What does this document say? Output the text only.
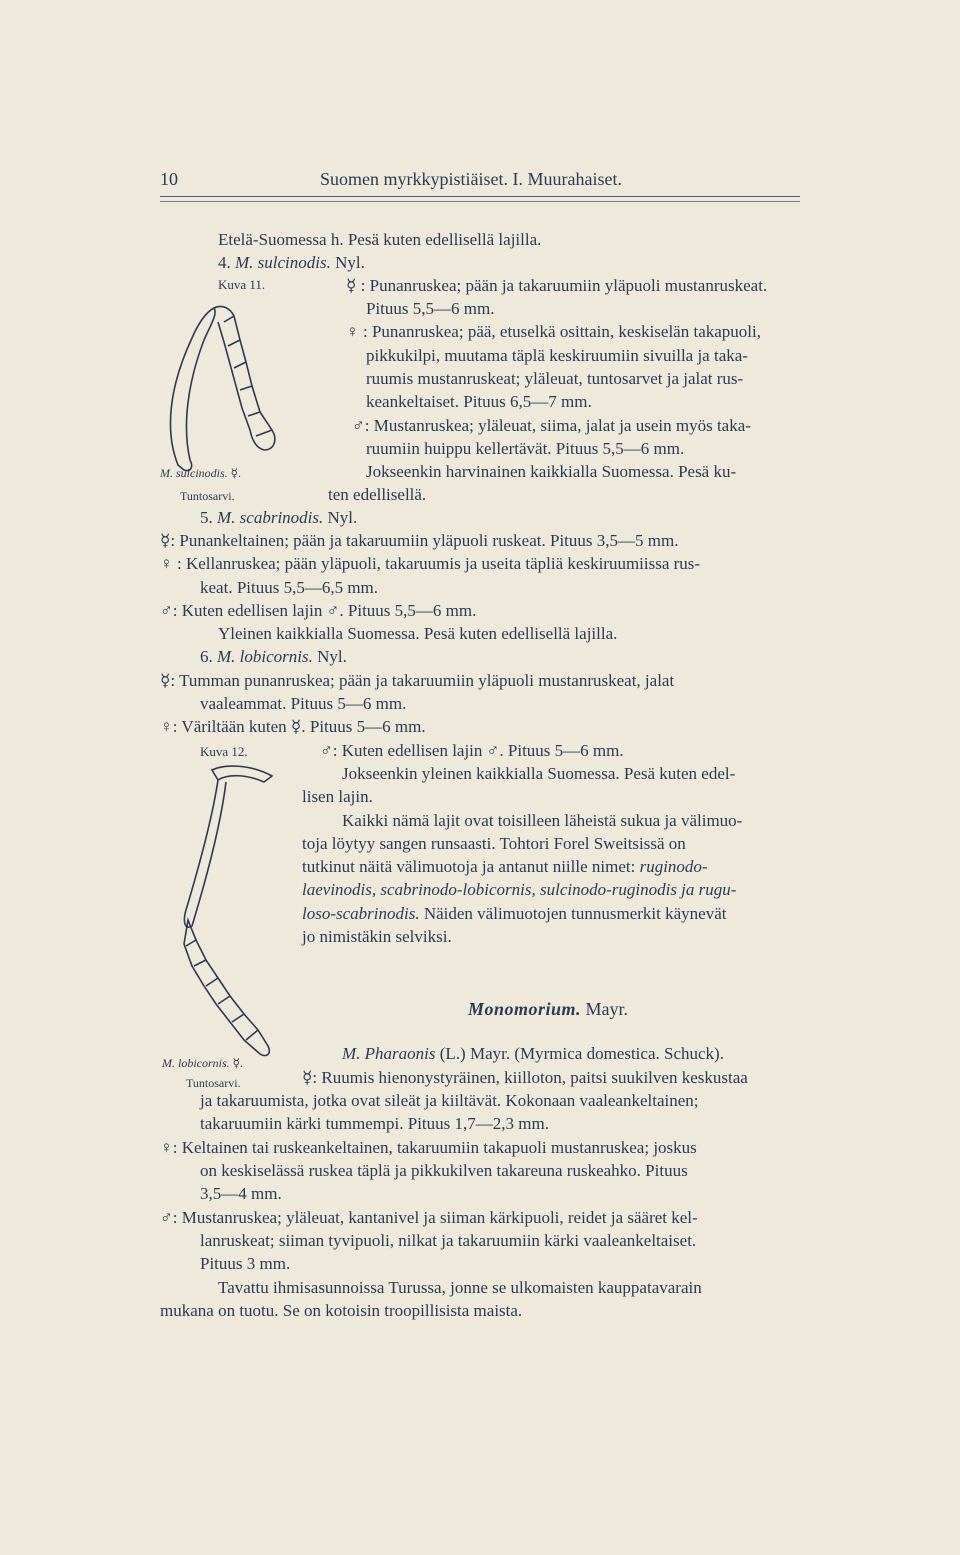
10	Suomen myrkkypistiäiset. I. Muurahaiset.
Etelä-Suomessa h. Pesä kuten edellisellä lajilla.
4. M. sulcinodis. Nyl.
Kuva 11.	☿ : Punanruskea; pään ja takaruumiin yläpuoli mustanruskeat.
Pituus 5,5—6 mm.
♀ : Punanruskea; pää, etuselkä osittain, keskiselän takapuoli,
pikkukilpi, muutama täplä keskiruumiin sivuilla ja taka-
ruumis mustanruskeat; yläleuat, tuntosarvet ja jalat rus-
keankeltaiset. Pituus 6,5—7 mm.
♂: Mustanruskea; yläleuat, siima, jalat ja usein myös taka-
ruumiin huippu kellertävät. Pituus 5,5—6 mm.
Jokseenkin harvinainen kaikkialla Suomessa. Pesä ku-
ten edellisellä.
M. sulcinodis. ☿.
Tuntosarvi.
5. M. scabrinodis. Nyl.
☿: Punankeltainen; pään ja takaruumiin yläpuoli ruskeat. Pituus 3,5—5 mm.
♀ : Kellanruskea; pään yläpuoli, takaruumis ja useita täpliä keskiruumiissa rus-
keat. Pituus 5,5—6,5 mm.
♂: Kuten edellisen lajin ♂. Pituus 5,5—6 mm.
Yleinen kaikkialla Suomessa. Pesä kuten edellisellä lajilla.
6. M. lobicornis. Nyl.
☿: Tumman punanruskea; pään ja takaruumiin yläpuoli mustanruskeat, jalat
vaaleammat. Pituus 5—6 mm.
♀: Väriltään kuten ☿. Pituus 5—6 mm.
Kuva 12.	♂: Kuten edellisen lajin ♂. Pituus 5—6 mm.
Jokseenkin yleinen kaikkialla Suomessa. Pesä kuten edel-
lisen lajin.
Kaikki nämä lajit ovat toisilleen läheistä sukua ja välimuo-
toja löytyy sangen runsaasti. Tohtori Forel Sweitsissä on
tutkinut näitä välimuotoja ja antanut niille nimet: ruginodo-
laevinodis, scabrinodo-lobicornis, sulcinodo-ruginodis ja rugu-
loso-scabrinodis. Näiden välimuotojen tunnusmerkit käynevät
jo nimistäkin selviksi.
Monomorium. Mayr.
M. lobicornis. ☿.
Tuntosarvi.
M. Pharaonis (L.) Mayr. (Myrmica domestica. Schuck).
☿: Ruumis hienonystyräinen, kiilloton, paitsi suukilven keskustaa
ja takaruumista, jotka ovat sileät ja kiiltävät. Kokonaan vaaleankeltainen;
takaruumiin kärki tummempi. Pituus 1,7—2,3 mm.
♀: Keltainen tai ruskeankeltainen, takaruumiin takapuoli mustanruskea; joskus
on keskiselässä ruskea täplä ja pikkukilven takareuna ruskeahko. Pituus
3,5—4 mm.
♂: Mustanruskea; yläleuat, kantanivel ja siiman kärkipuoli, reidet ja sääret kel-
lanruskeat; siiman tyvipuoli, nilkat ja takaruumiin kärki vaaleankeltaiset.
Pituus 3 mm.
Tavattu ihmisasunnoissa Turussa, jonne se ulkomaisten kauppatavarain
mukana on tuotu. Se on kotoisin troopillisista maista.
